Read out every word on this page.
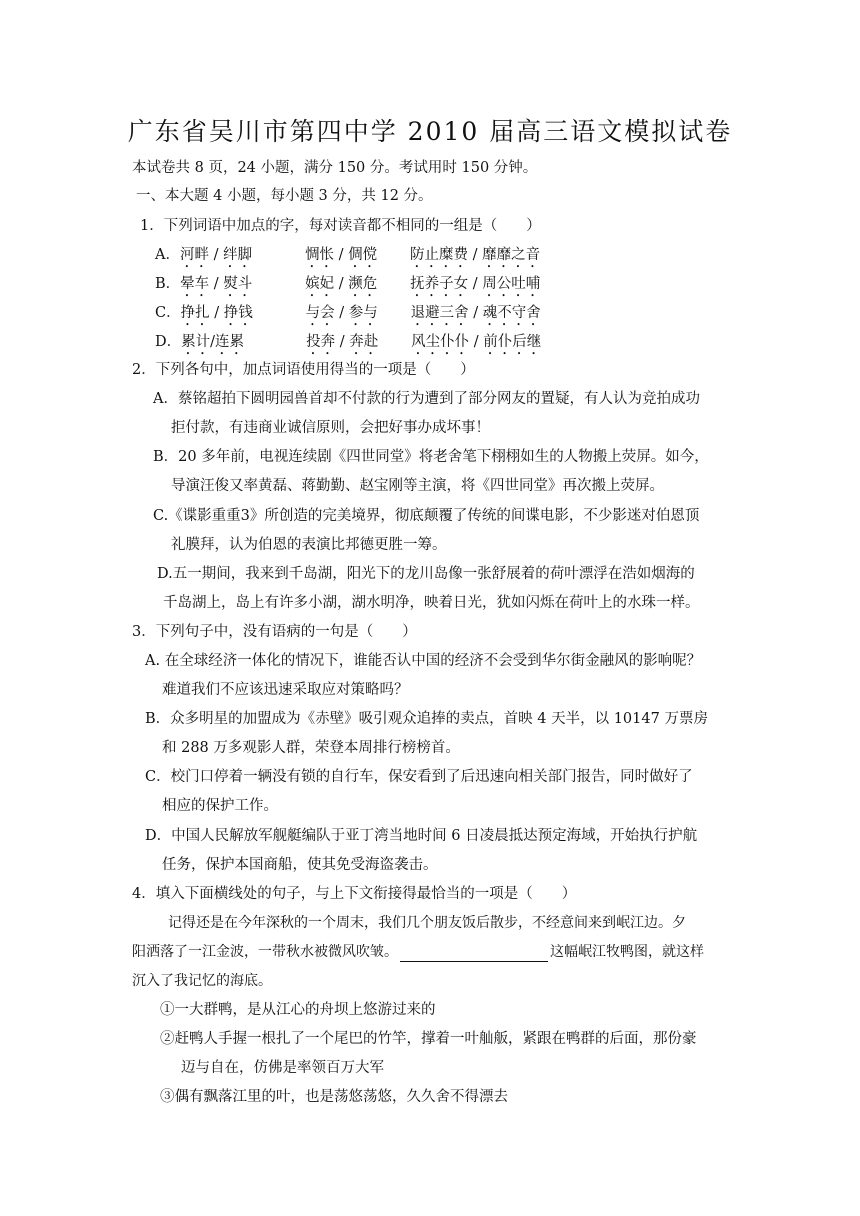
广东省吴川市第四中学 2010 届高三语文模拟试卷
本试卷共 8 页，24 小题，满分 150 分。考试用时 150 分钟。
一、本大题 4 小题，每小题 3 分，共 12 分。
1．下列词语中加点的字，每对读音都不相同的一组是（　　）
A．河畔 / 绊脚	惆怅 / 倜傥 防止糜费 / 靡靡之音
B．晕车 / 熨斗	嫔妃 / 濒危 抚养子女 / 周公吐哺
C．挣扎 / 挣钱	与会 / 参与 退避三舍 / 魂不守舍
D．累计/连累	投奔 / 奔赴 风尘仆仆 / 前仆后继
2．下列各句中，加点词语使用得当的一项是（　　）
A．蔡铭超拍下圆明园兽首却不付款的行为遭到了部分网友的置疑，有人认为竞拍成功
拒付款，有违商业诚信原则，会把好事办成坏事！
B．20 多年前，电视连续剧《四世同堂》将老舍笔下栩栩如生的人物搬上荧屏。如今，
导演汪俊又率黄磊、蒋勤勤、赵宝刚等主演，将《四世同堂》再次搬上荧屏。
C.《谍影重重3》所创造的完美境界，彻底颠覆了传统的间谍电影，不少影迷对伯恩顶
礼膜拜，认为伯恩的表演比邦德更胜一筹。
D.五一期间，我来到千岛湖，阳光下的龙川岛像一张舒展着的荷叶漂浮在浩如烟海的
千岛湖上，岛上有许多小湖，湖水明净，映着日光，犹如闪烁在荷叶上的水珠一样。
3．下列句子中，没有语病的一句是（　　）
A. 在全球经济一体化的情况下，谁能否认中国的经济不会受到华尔街金融风的影响呢？
难道我们不应该迅速采取应对策略吗？
B．众多明星的加盟成为《赤壁》吸引观众追捧的卖点，首映 4 天半，以 10147 万票房
和 288 万多观影人群，荣登本周排行榜榜首。
C．校门口停着一辆没有锁的自行车，保安看到了后迅速向相关部门报告，同时做好了
相应的保护工作。
D．中国人民解放军舰艇编队于亚丁湾当地时间 6 日凌晨抵达预定海域，开始执行护航
任务，保护本国商船，使其免受海盗袭击。
4．填入下面横线处的句子，与上下文衔接得最恰当的一项是（　　）
记得还是在今年深秋的一个周末，我们几个朋友饭后散步，不经意间来到岷江边。夕
阳洒落了一江金波，一带秋水被微风吹皱。	这幅岷江牧鸭图，就这样
沉入了我记忆的海底。
①一大群鸭，是从江心的舟坝上悠游过来的
②赶鸭人手握一根扎了一个尾巴的竹竿，撑着一叶舢舨，紧跟在鸭群的后面，那份豪
迈与自在，仿佛是率领百万大军
③偶有飘落江里的叶，也是荡悠荡悠，久久舍不得漂去
